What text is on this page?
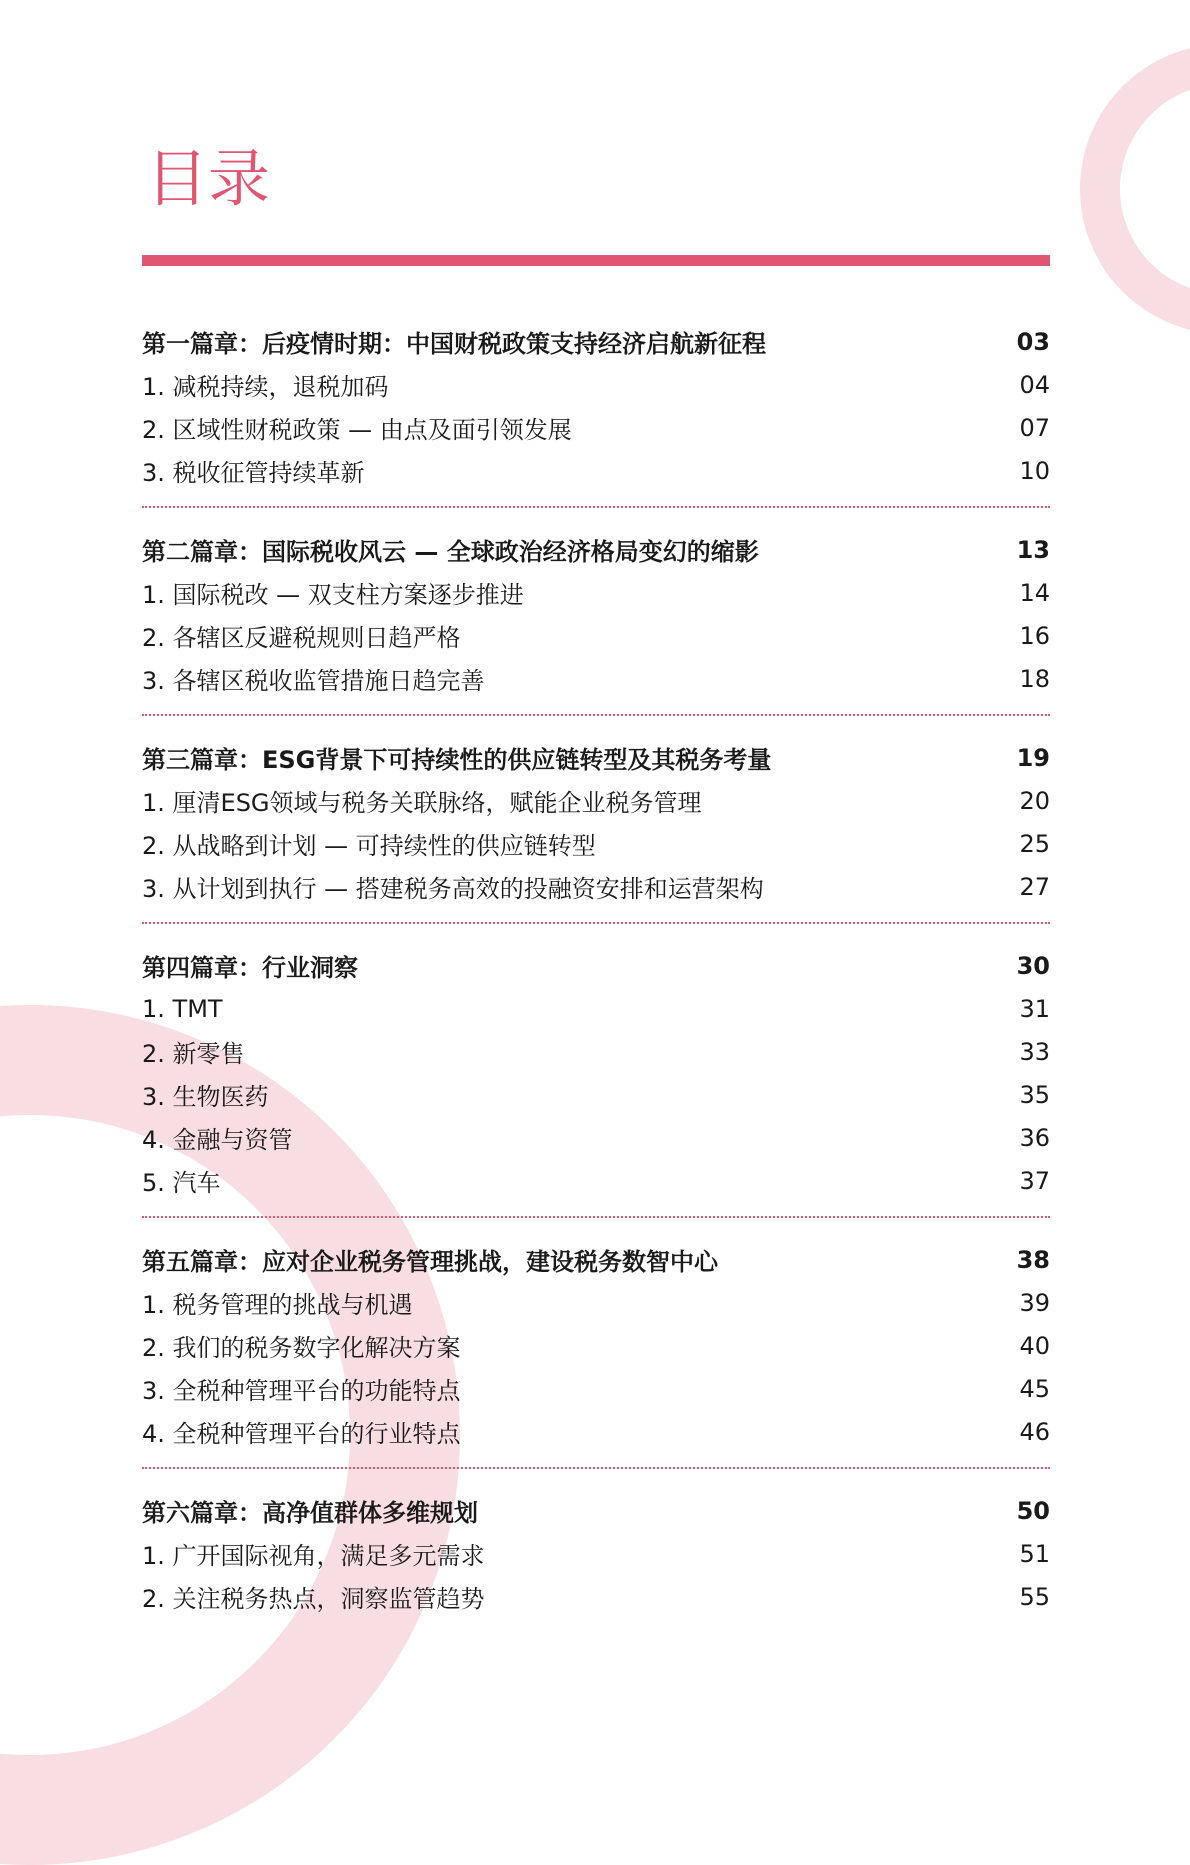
目录
第一篇章：后疫情时期：中国财税政策支持经济启航新征程	03
1. 减税持续，退税加码	04
2. 区域性财税政策 — 由点及面引领发展	07
3. 税收征管持续革新	10
第二篇章：国际税收风云 — 全球政治经济格局变幻的缩影	13
1. 国际税改 — 双支柱方案逐步推进	14
2. 各辖区反避税规则日趋严格	16
3. 各辖区税收监管措施日趋完善	18
第三篇章：ESG背景下可持续性的供应链转型及其税务考量	19
1. 厘清ESG领域与税务关联脉络，赋能企业税务管理	20
2. 从战略到计划 — 可持续性的供应链转型	25
3. 从计划到执行 — 搭建税务高效的投融资安排和运营架构	27
第四篇章：行业洞察	30
1. TMT	31
2. 新零售	33
3. 生物医药	35
4. 金融与资管	36
5. 汽车	37
第五篇章：应对企业税务管理挑战，建设税务数智中心	38
1. 税务管理的挑战与机遇	39
2. 我们的税务数字化解决方案	40
3. 全税种管理平台的功能特点	45
4. 全税种管理平台的行业特点	46
第六篇章：高净值群体多维规划	50
1. 广开国际视角，满足多元需求	51
2. 关注税务热点，洞察监管趋势	55
